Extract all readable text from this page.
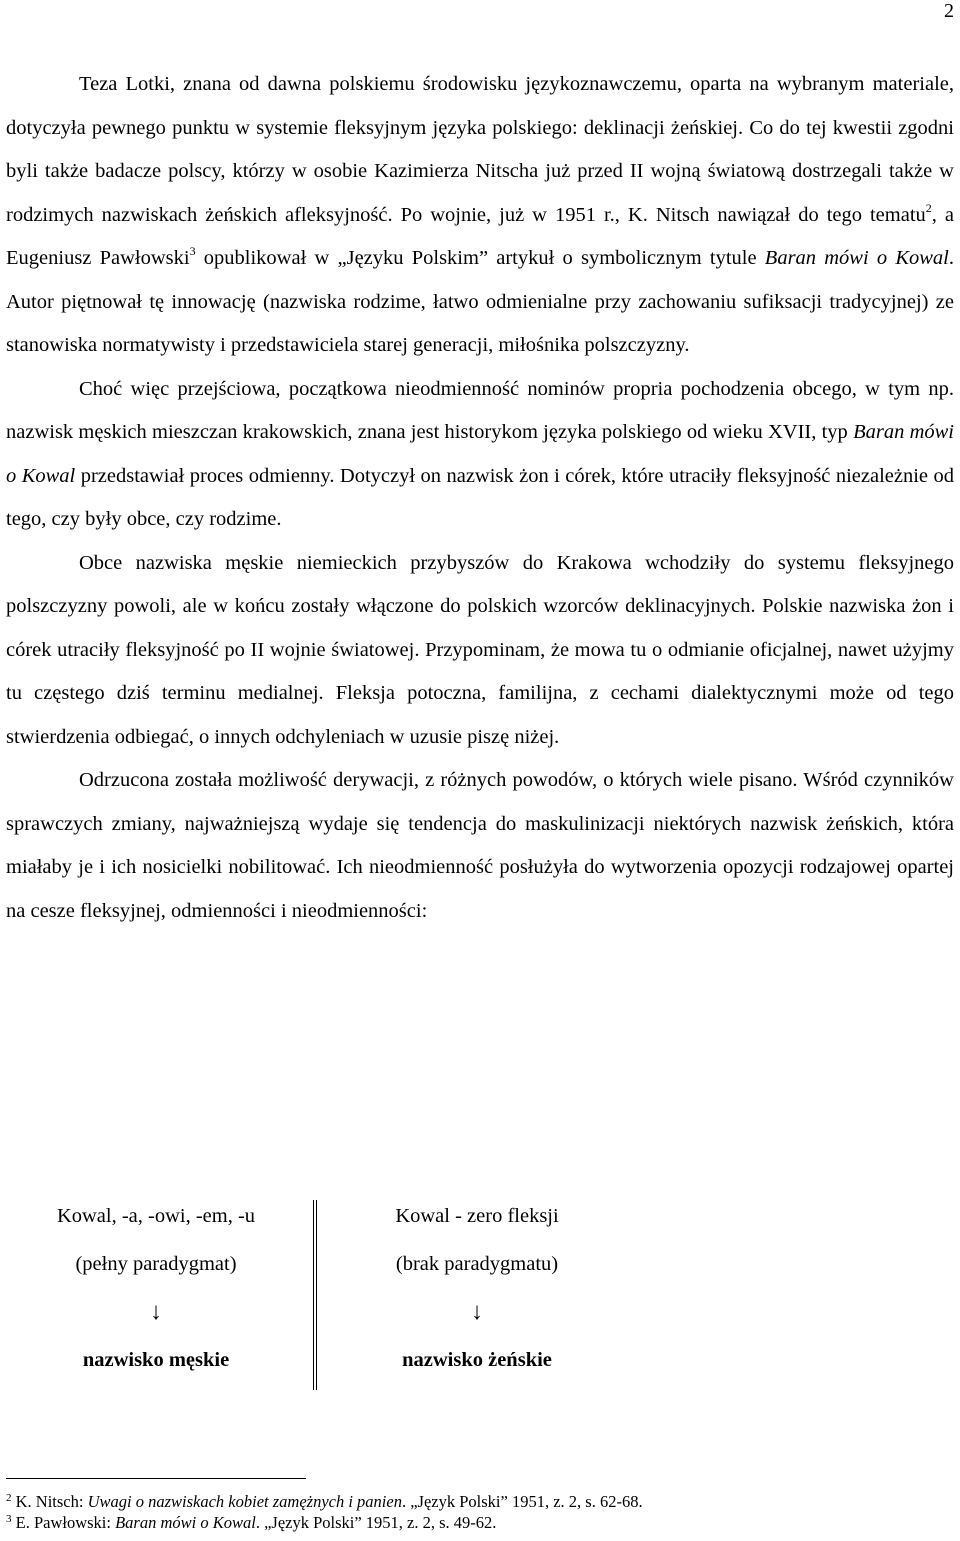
2

Teza Lotki, znana od dawna polskiemu środowisku językoznawczemu, oparta na wybranym materiale, dotyczyła pewnego punktu w systemie fleksyjnym języka polskiego: deklinacji żeńskiej. Co do tej kwestii zgodni byli także badacze polscy, którzy w osobie Kazimierza Nitscha już przed II wojną światową dostrzegali także w rodzimych nazwiskach żeńskich afleksyjność. Po wojnie, już w 1951 r., K. Nitsch nawiązał do tego tematu$^2$, a Eugeniusz Pawłowski$^3$ opublikował w „Języku Polskim” artykuł o symbolicznym tytule Baran mówi o Kowal. Autor piętnował tę innowację (nazwiska rodzime, łatwo odmienialne przy zachowaniu sufiksacji tradycyjnej) ze stanowiska normatywisty i przedstawiciela starej generacji, miłośnika polszczyzny.

Choć więc przejściowa, początkowa nieodmienność nominów propria pochodzenia obcego, w tym np. nazwisk męskich mieszczan krakowskich, znana jest historykom języka polskiego od wieku XVII, typ Baran mówi o Kowal przedstawiał proces odmienny. Dotyczył on nazwisk żon i córek, które utraciły fleksyjność niezależnie od tego, czy były obce, czy rodzime.

Obce nazwiska męskie niemieckich przybyszów do Krakowa wchodziły do systemu fleksyjnego polszczyzny powoli, ale w końcu zostały włączone do polskich wzorców deklinacyjnych. Polskie nazwiska żon i córek utraciły fleksyjność po II wojnie światowej. Przypominam, że mowa tu o odmianie oficjalnej, nawet użyjmy tu częstego dziś terminu medialnej. Fleksja potoczna, familijna, z cechami dialektycznymi może od tego stwierdzenia odbiegać, o innych odchyleniach w uzusie piszę niżej.

Odrzucona została możliwość derywacji, z różnych powodów, o których wiele pisano. Wśród czynników sprawczych zmiany, najważniejszą wydaje się tendencja do maskulinizacji niektórych nazwisk żeńskich, która miałaby je i ich nosicielki nobilitować. Ich nieodmienność posłużyła do wytworzenia opozycji rodzajowej opartej na cesze fleksyjnej, odmienności i nieodmienności:

Kowal, -a, -owi, -em, -u
(pełny paradygmat)
↓
nazwisko męskie
Kowal - zero fleksji
(brak paradygmatu)
↓
nazwisko żeńskie
$^2$ K. Nitsch: Uwagi o nazwiskach kobiet zamężnych i panien. „Język Polski” 1951, z. 2, s. 62-68.
$^3$ E. Pawłowski: Baran mówi o Kowal. „Język Polski” 1951, z. 2, s. 49-62.
